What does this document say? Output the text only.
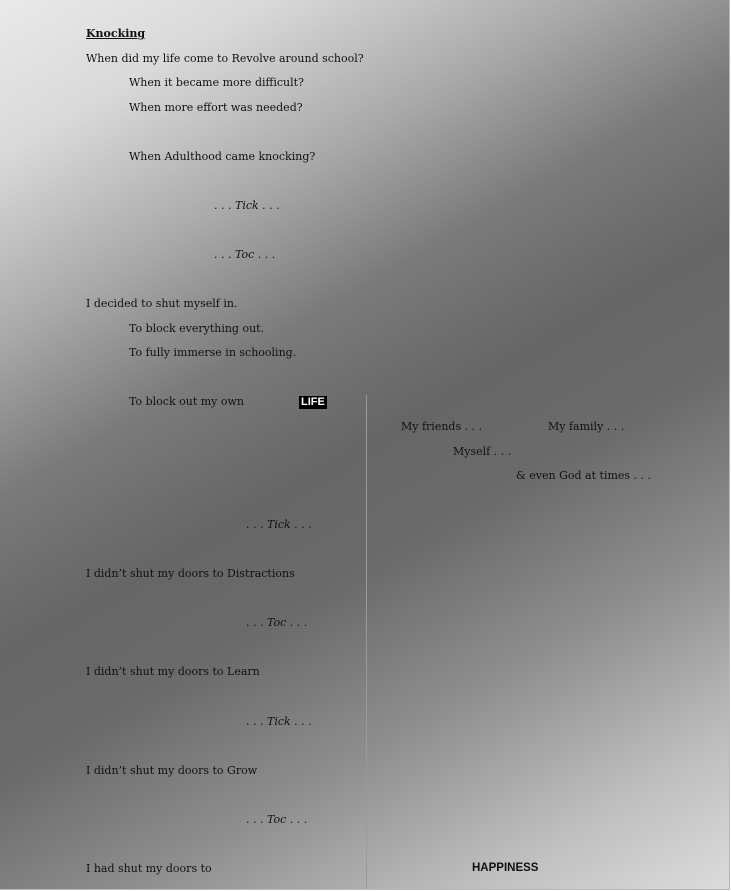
Knocking
When did my life come to Revolve around school?
When it became more difficult?
When more effort was needed?
When Adulthood came knocking?
. . . Tick . . .
. . . Toc . . .
I decided to shut myself in.
To block everything out.
To fully immerse in schooling.
To block out my own	LIFE
My friends . . .	My family . . .
Myself . . .
& even God at times . . .
. . . Tick . . .
I didn’t shut my doors to Distractions
. . . Toc . . .
I didn’t shut my doors to Learn
. . . Tick . . .
I didn’t shut my doors to Grow
. . . Toc . . .
I had shut my doors to	HAPPINESS
